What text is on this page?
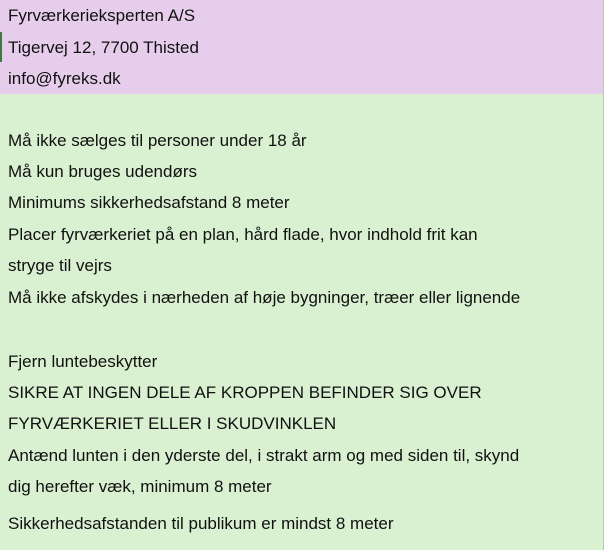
Fyrværkerieksperten A/S
Tigervej 12, 7700 Thisted
info@fyreks.dk
Må ikke sælges til personer under 18 år
Må kun bruges udendørs
Minimums sikkerhedsafstand 8 meter
Placer fyrværkeriet på en plan, hård flade, hvor indhold frit kan
stryge til vejrs
Må ikke afskydes i nærheden af høje bygninger, træer eller lignende
Fjern luntebeskytter
SIKRE AT INGEN DELE AF KROPPEN BEFINDER SIG OVER
FYRVÆRKERIET ELLER I SKUDVINKLEN
Antænd lunten i den yderste del, i strakt arm og med siden til, skynd
dig herefter væk, minimum 8 meter
Sikkerhedsafstanden til publikum er mindst 8 meter
